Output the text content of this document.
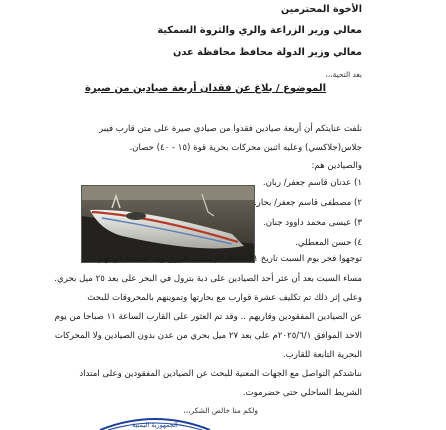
الأخوة المحترمين
معالي وزير الزراعة والري والثروة السمكية
معالي وزير الدولة محافظ محافظة عدن
بعد التحية،،،
الموضوع / بلاغ عن فقدان أربعة صيادين من صيرة
نلفت عنايتكم أن أربعة صيادين فقدوا من صيادي صيرة على متن قارب فيبر
جلاس(جلاكسي) وعليه اثنين محركات بحرية قوة (١٥ - ٤٠) حصان.
والصيادين هم:
١) عدنان قاسم جعفر/ ربان.
٢) مصطفى قاسم جعفر/ بحار.
٣) عيسى محمد داوود جنان.
٤) حسن المعطلي.
توجهوا فجر يوم السبت تاريخ ٢٠٢٥/٥/٣١م لطلب الرزق وقد افتقدنا عودتهم
مساء السبت بعد أن عثر أحد الصيادين على دبة بترول في البحر على بعد ٢٥ ميل بحري.
وعلى إثر ذلك تم تكليف عشرة قوارب مع بحارتها وتموينهم بالمحروقات للبحث
عن الصيادين المفقودين وقاربهم .. وقد تم العثور على القارب الساعة ١١ صباحا من يوم
الاحد الموافق ٢٠٢٥/٦/١م على بعد ٢٧ ميل بحري من عدن بدون الصيادين ولا المحركات
البحرية التابعة للقارب.
نناشدكم التواصل مع الجهات المعنية للبحث عن الصيادين المفقودين وعلى امتداد
الشريط الساحلي حتى حضرموت.
ولكم منا خالص الشكر،،،
الجمهورية اليمنية
